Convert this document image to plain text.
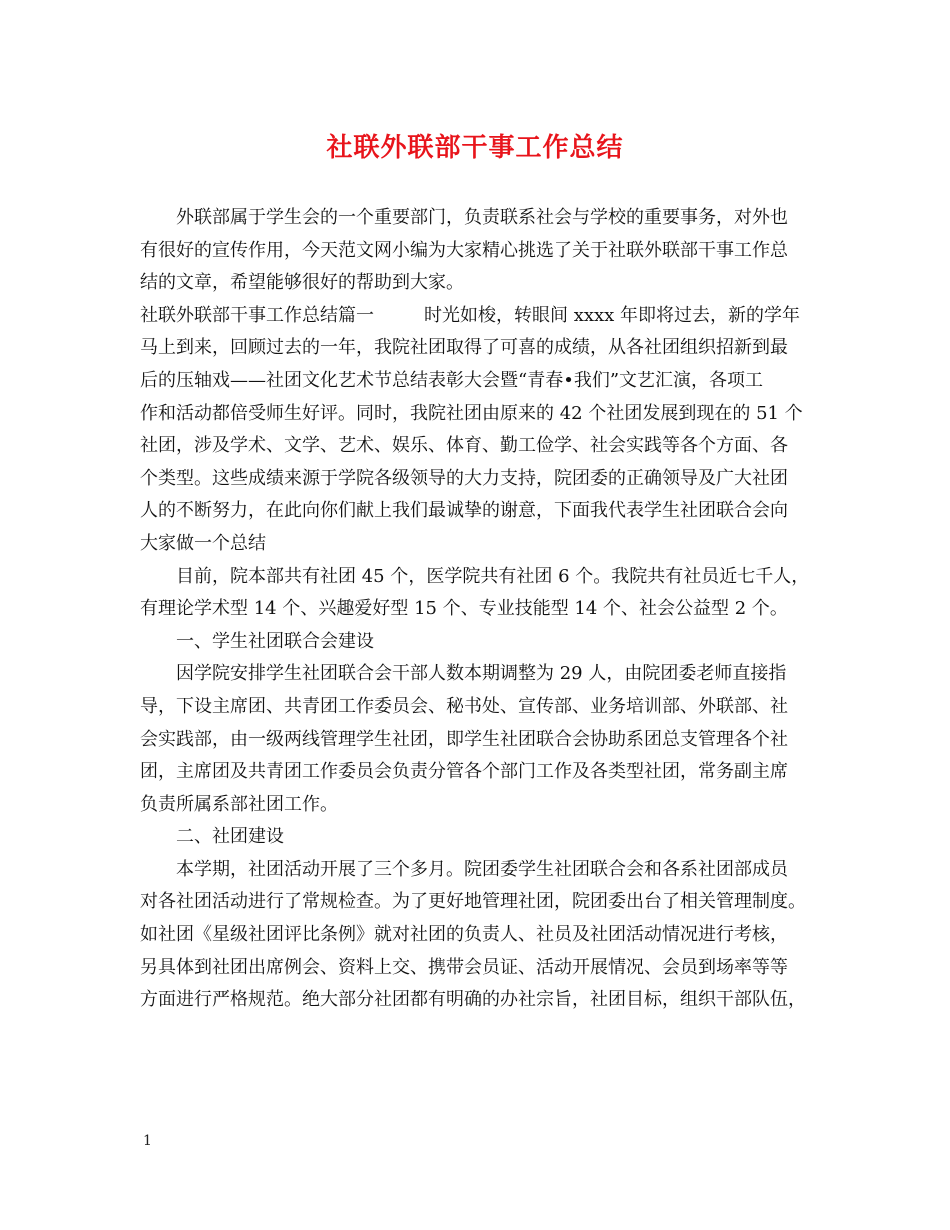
社联外联部干事工作总结
外联部属于学生会的一个重要部门，负责联系社会与学校的重要事务，对外也
有很好的宣传作用，今天范文网小编为大家精心挑选了关于社联外联部干事工作总
结的文章，希望能够很好的帮助到大家。
社联外联部干事工作总结篇一	时光如梭，转眼间 xxxx 年即将过去，新的学年
马上到来，回顾过去的一年，我院社团取得了可喜的成绩，从各社团组织招新到最
后的压轴戏——社团文化艺术节总结表彰大会暨“青春•我们”文艺汇演，各项工
作和活动都倍受师生好评。同时，我院社团由原来的 42 个社团发展到现在的 51 个
社团，涉及学术、文学、艺术、娱乐、体育、勤工俭学、社会实践等各个方面、各
个类型。这些成绩来源于学院各级领导的大力支持，院团委的正确领导及广大社团
人的不断努力，在此向你们献上我们最诚挚的谢意，下面我代表学生社团联合会向
大家做一个总结
目前，院本部共有社团 45 个，医学院共有社团 6 个。我院共有社员近七千人，
有理论学术型 14 个、兴趣爱好型 15 个、专业技能型 14 个、社会公益型 2 个。
一、学生社团联合会建设
因学院安排学生社团联合会干部人数本期调整为 29 人，由院团委老师直接指
导，下设主席团、共青团工作委员会、秘书处、宣传部、业务培训部、外联部、社
会实践部，由一级两线管理学生社团，即学生社团联合会协助系团总支管理各个社
团，主席团及共青团工作委员会负责分管各个部门工作及各类型社团，常务副主席
负责所属系部社团工作。
二、社团建设
本学期，社团活动开展了三个多月。院团委学生社团联合会和各系社团部成员
对各社团活动进行了常规检查。为了更好地管理社团，院团委出台了相关管理制度。
如社团《星级社团评比条例》就对社团的负责人、社员及社团活动情况进行考核，
另具体到社团出席例会、资料上交、携带会员证、活动开展情况、会员到场率等等
方面进行严格规范。绝大部分社团都有明确的办社宗旨，社团目标，组织干部队伍，
1
